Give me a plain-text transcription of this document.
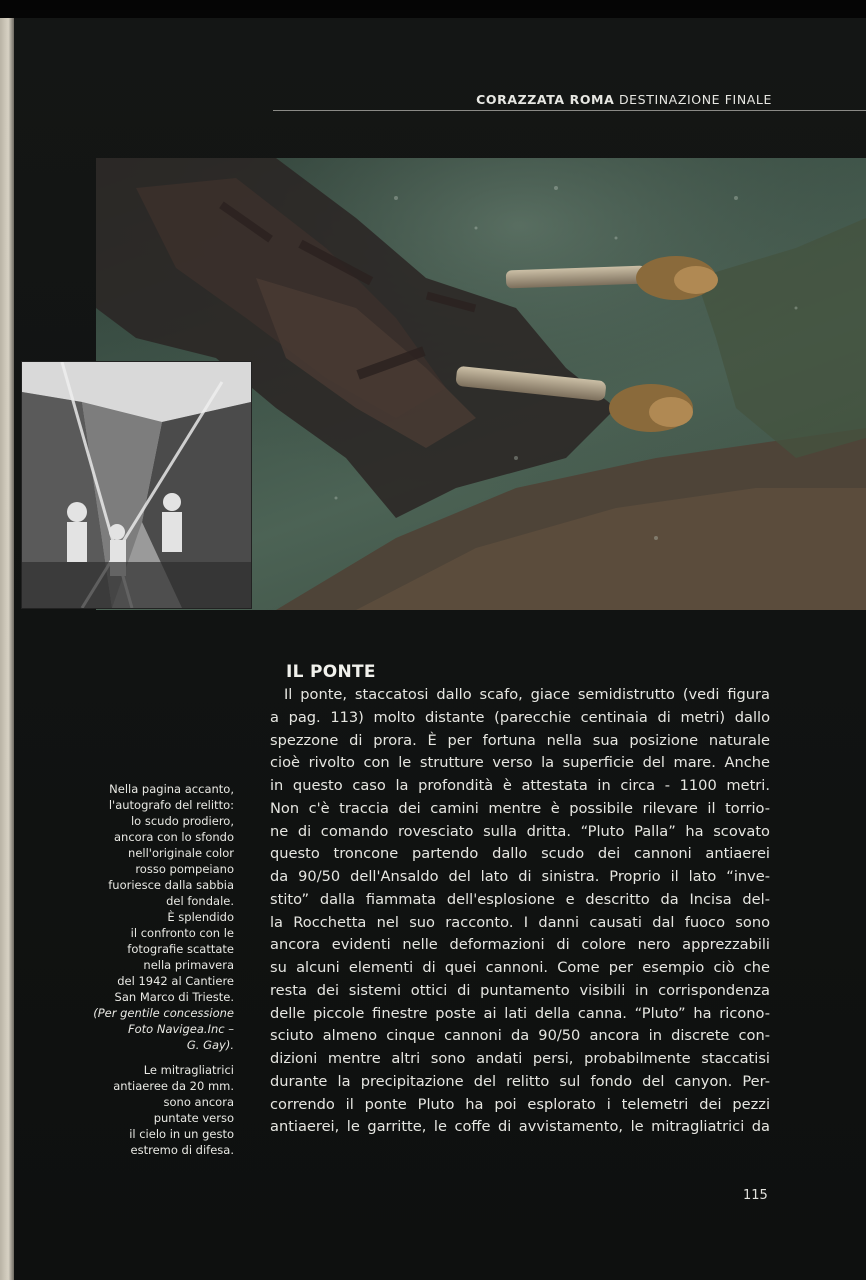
CORAZZATA ROMA DESTINAZIONE FINALE
Nella pagina accanto,
l'autografo del relitto:
lo scudo prodiero,
ancora con lo sfondo
nell'originale color
rosso pompeiano
fuoriesce dalla sabbia
del fondale.
È splendido
il confronto con le
fotografie scattate
nella primavera
del 1942 al Cantiere
San Marco di Trieste.
(Per gentile concessione
Foto Navigea.Inc –
G. Gay).
Le mitragliatrici
antiaeree da 20 mm.
sono ancora
puntate verso
il cielo in un gesto
estremo di difesa.
IL PONTE
Il ponte, staccatosi dallo scafo, giace semidistrutto (vedi figura
a pag. 113) molto distante (parecchie centinaia di metri) dallo
spezzone di prora. È per fortuna nella sua posizione naturale
cioè rivolto con le strutture verso la superficie del mare. Anche
in questo caso la profondità è attestata in circa - 1100 metri.
Non c'è traccia dei camini mentre è possibile rilevare il torrio-
ne di comando rovesciato sulla dritta. “Pluto Palla” ha scovato
questo troncone partendo dallo scudo dei cannoni antiaerei
da 90/50 dell'Ansaldo del lato di sinistra. Proprio il lato “inve-
stito” dalla fiammata dell'esplosione e descritto da Incisa del-
la Rocchetta nel suo racconto. I danni causati dal fuoco sono
ancora evidenti nelle deformazioni di colore nero apprezzabili
su alcuni elementi di quei cannoni. Come per esempio ciò che
resta dei sistemi ottici di puntamento visibili in corrispondenza
delle piccole finestre poste ai lati della canna. “Pluto” ha ricono-
sciuto almeno cinque cannoni da 90/50 ancora in discrete con-
dizioni mentre altri sono andati persi, probabilmente staccatisi
durante la precipitazione del relitto sul fondo del canyon. Per-
correndo il ponte Pluto ha poi esplorato i telemetri dei pezzi
antiaerei, le garritte, le coffe di avvistamento, le mitragliatrici da
115
